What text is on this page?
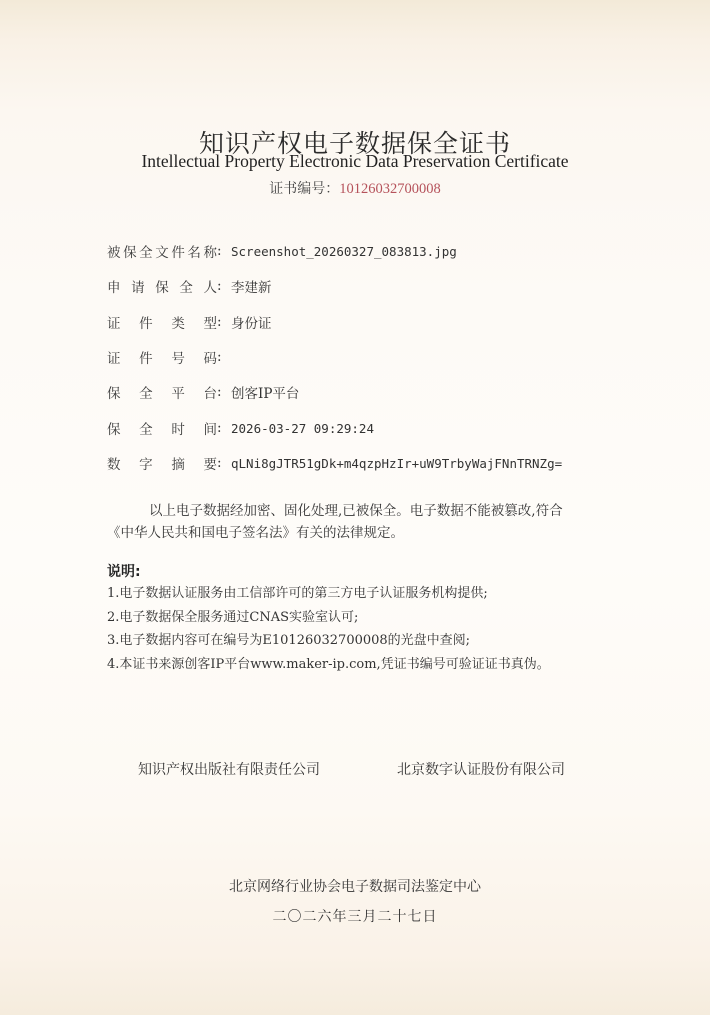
知识产权电子数据保全证书
Intellectual Property Electronic Data Preservation Certificate
证书编号：10126032700008
被保全文件名称 : Screenshot_20260327_083813.jpg
申请保全人 : 李建新
证件类型 : 身份证
证件号码 :
保全平台 : 创客IP平台
保全时间 : 2026-03-27 09:29:24
数字摘要 : qLNi8gJTR51gDk+m4qzpHzIr+uW9TrbyWajFNnTRNZg=
以上电子数据经加密、固化处理,已被保全。电子数据不能被篡改,符合
《中华人民共和国电子签名法》有关的法律规定。
说明:
1.电子数据认证服务由工信部许可的第三方电子认证服务机构提供;
2.电子数据保全服务通过CNAS实验室认可;
3.电子数据内容可在编号为E10126032700008的光盘中查阅;
4.本证书来源创客IP平台www.maker-ip.com,凭证书编号可验证证书真伪。
知识产权出版社有限责任公司	北京数字认证股份有限公司
北京网络行业协会电子数据司法鉴定中心
二〇二六年三月二十七日
